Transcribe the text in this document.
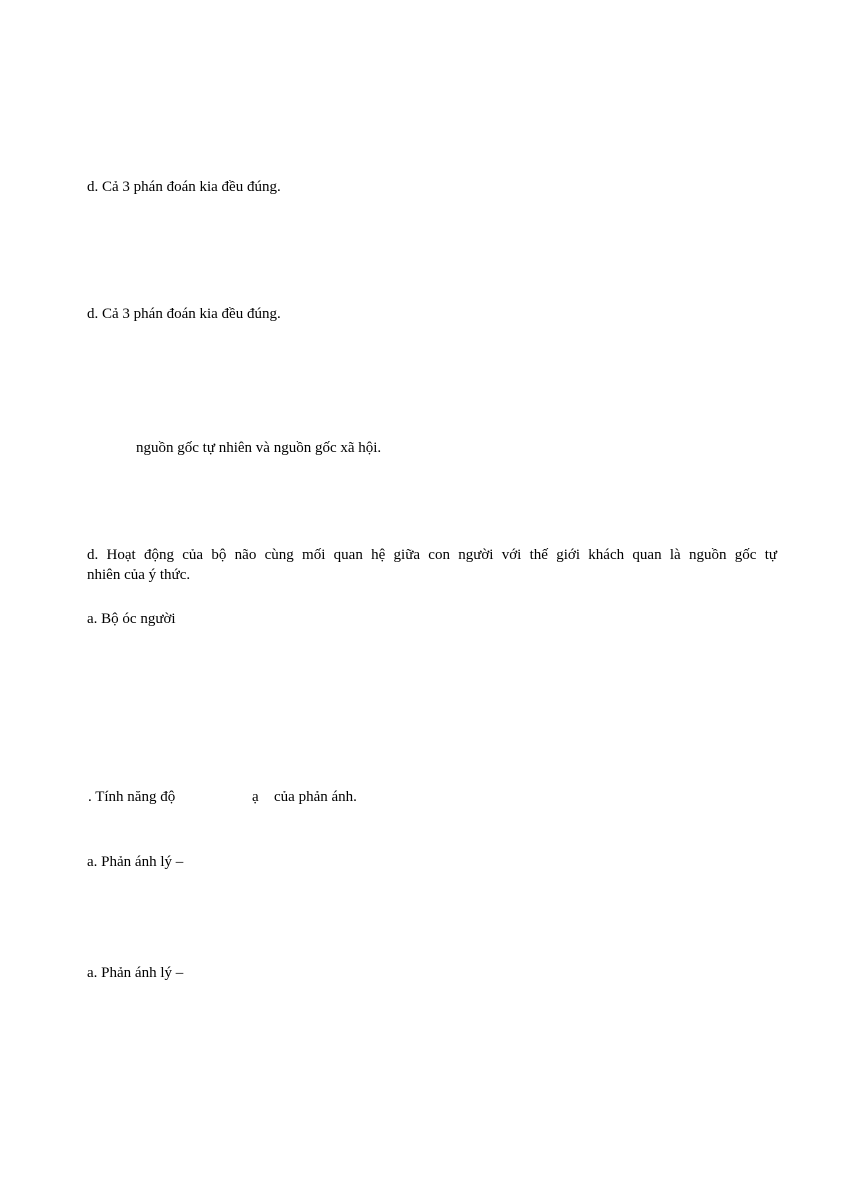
d. Cả 3 phán đoán kia đều đúng.
d. Cả 3 phán đoán kia đều đúng.
nguồn gốc tự nhiên và nguồn gốc xã hội.
d. Hoạt động của bộ não cùng mối quan hệ giữa con người với thế giới khách quan là nguồn gốc tự
nhiên của ý thức.
a. Bộ óc người
. Tính năng độ	ạ của phản ánh.
a. Phản ánh lý –
a. Phản ánh lý –
